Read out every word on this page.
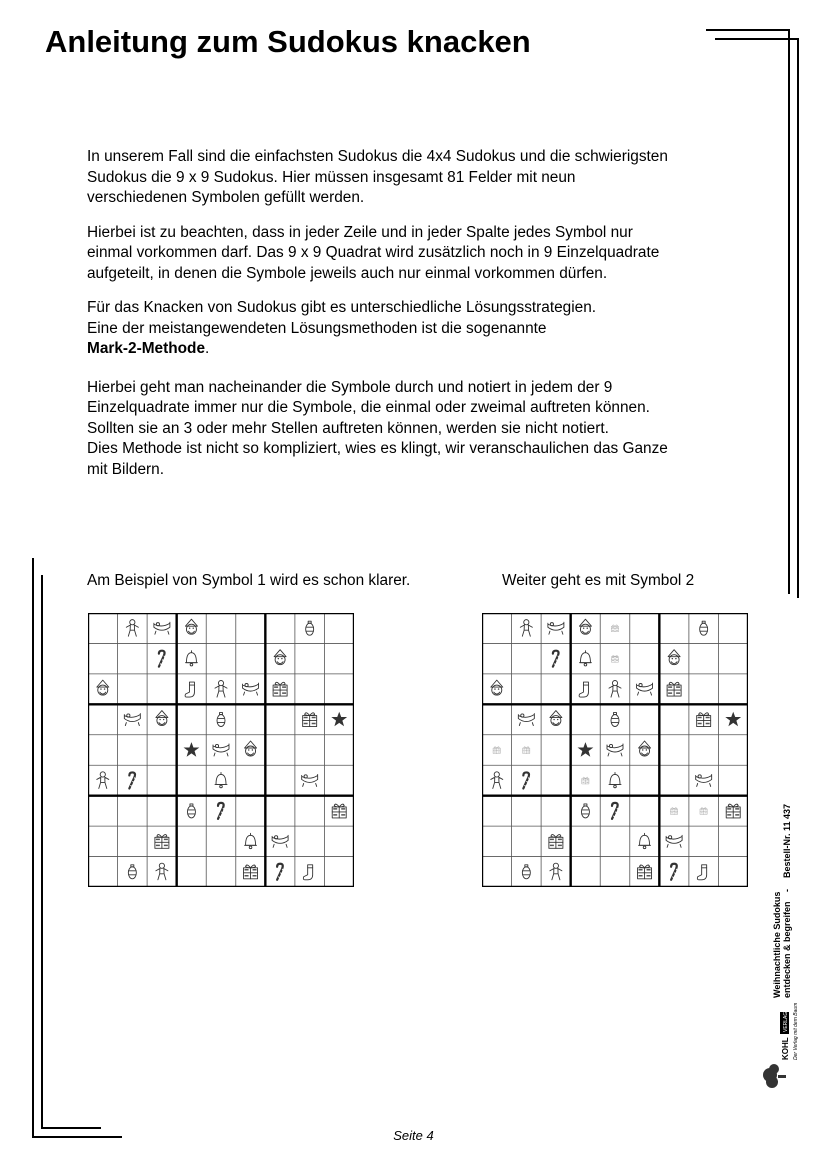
Anleitung zum Sudokus knacken

In unserem Fall sind die einfachsten Sudokus die 4x4 Sudokus und die schwierigsten
Sudokus die 9 x 9 Sudokus. Hier müssen insgesamt 81 Felder mit neun
verschiedenen Symbolen gefüllt werden.

Hierbei ist zu beachten, dass in jeder Zeile und in jeder Spalte jedes Symbol nur
einmal vorkommen darf. Das 9 x 9 Quadrat wird zusätzlich noch in 9 Einzelquadrate
aufgeteilt, in denen die Symbole jeweils auch nur einmal vorkommen dürfen.

Für das Knacken von Sudokus gibt es unterschiedliche Lösungsstrategien.
Eine der meistangewendeten Lösungsmethoden ist die sogenannte
Mark-2-Methode.

Hierbei geht man nacheinander die Symbole durch und notiert in jedem der 9
Einzelquadrate immer nur die Symbole, die einmal oder zweimal auftreten können.
Sollten sie an 3 oder mehr Stellen auftreten können, werden sie nicht notiert.
Dies Methode ist nicht so kompliziert, wies es klingt, wir veranschaulichen das Ganze
mit Bildern.

Am Beispiel von Symbol 1 wird es schon klarer.	Weiter geht es mit Symbol 2
KOHL
VERLAG Der Verlag mit dem Baum
Weihnachtliche Sudokus entdecken & begreifen
-
Bestell-Nr. 11 437
Seite 4
